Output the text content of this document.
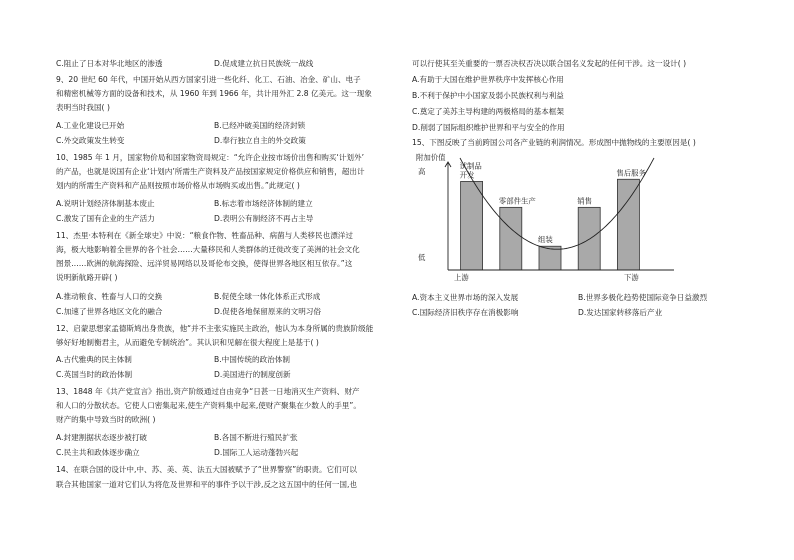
C.阻止了日本对华北地区的渗透	D.促成建立抗日民族统一战线
9、20 世纪 60 年代，中国开始从西方国家引进一些化纤、化工、石油、冶金、矿山、电子
和精密机械等方面的设备和技术，从 1960 年到 1966 年，共计用外汇 2.8 亿美元。这一现象
表明当时我国( )
A.工业化建设已开始	B.已经冲破美国的经济封锁
C.外交政策发生转变	D.奉行独立自主的外交政策
10、1985 年 1 月，国家物价局和国家物资局规定：“允许企业按市场价出售和购买‘计划外’
的产品，也就是说国有企业‘计划内’所需生产资料及产品按国家规定价格供应和销售，超出计
划内的所需生产资料和产品则按照市场价格从市场购买或出售。”此规定( )
A.说明计划经济体制基本废止	B.标志着市场经济体制的建立
C.激发了国有企业的生产活力	D.表明公有制经济不再占主导
11、杰里·本特利在《新全球史》中说：“粮食作物、牲畜品种、病菌与人类移民也漂洋过
海，极大地影响着全世界的各个社会……大量移民和人类群体的迁徙改变了美洲的社会文化
图景……欧洲的航海探险、远洋贸易网络以及哥伦布交换，使得世界各地区相互依存。”这
说明新航路开辟( )
A.推动粮食、牲畜与人口的交换	B.促使全球一体化体系正式形成
C.加速了世界各地区文化的融合	D.促使各地保留原来的文明习俗
12、启蒙思想家孟德斯鸠出身贵族，他“并不主张实施民主政治，他认为本身所属的贵族阶级能
够好好地制衡君主，从而避免专制统治”。其认识和见解在很大程度上是基于( )
A.古代雅典的民主体制	B.中国传统的政治体制
C.英国当时的政治体制	D.美国进行的制度创新
13、1848 年《共产党宣言》指出,资产阶级通过自由竞争“日甚一日地消灭生产资料、财产
和人口的分散状态。它使人口密集起来,使生产资料集中起来,使财产聚集在少数人的手里”。
财产的集中导致当时的欧洲( )
A.封建割据状态逐步被打破	B.各国不断进行殖民扩张
C.民主共和政体逐步确立	D.国际工人运动蓬勃兴起
14、在联合国的设计中,中、苏、美、英、法五大国被赋予了“世界警察”的职责。它们可以
联合其他国家一道对它们认为将危及世界和平的事件予以干涉,反之这五国中的任何一国,也
可以行使其至关重要的一票否决权否决以联合国名义发起的任何干涉。这一设计( )
A.有助于大国在维护世界秩序中发挥核心作用
B.不利于保护中小国家及弱小民族权利与利益
C.奠定了美苏主导构建的两极格局的基本框架
D.削弱了国际组织维护世界和平与安全的作用
15、下图反映了当前跨国公司各产业链的利润情况。形成图中抛物线的主要原因是( )
附加价值
高
低
上游	下游
试制品
开发
零部件生产
组装
销售
售后服务
A.资本主义世界市场的深入发展	B.世界多极化趋势使国际竞争日益激烈
C.国际经济旧秩序存在消极影响	D.发达国家转移落后产业
